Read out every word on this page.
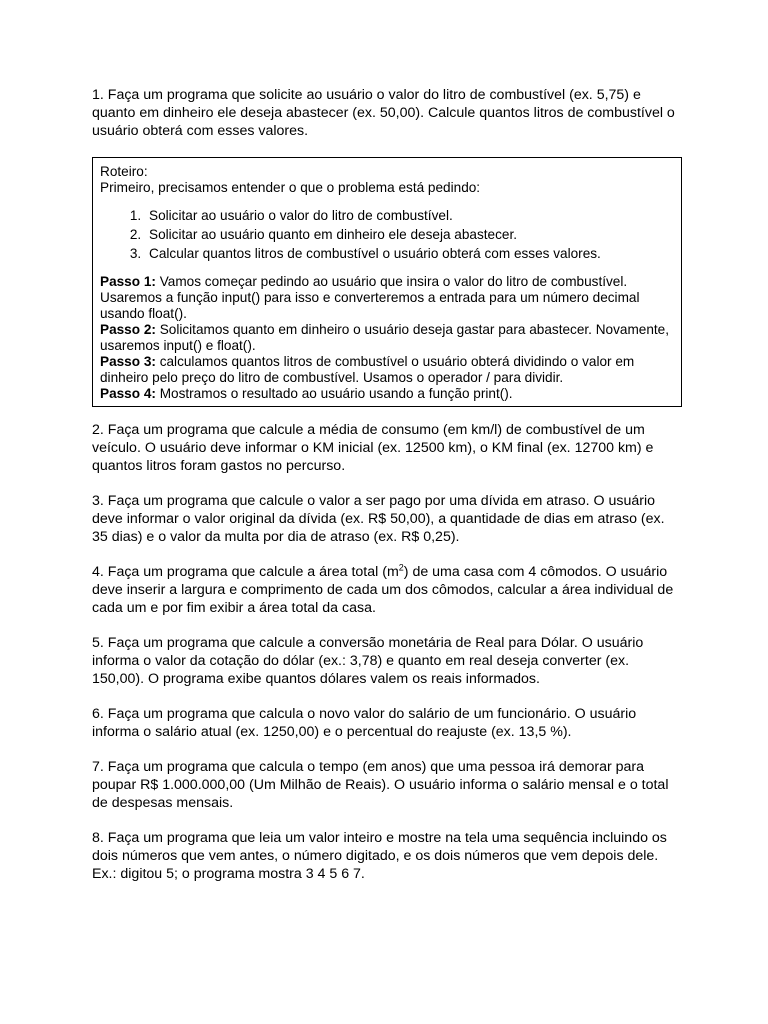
1. Faça um programa que solicite ao usuário o valor do litro de combustível (ex. 5,75) e quanto em dinheiro ele deseja abastecer (ex. 50,00). Calcule quantos litros de combustível o usuário obterá com esses valores.

Roteiro:

Primeiro, precisamos entender o que o problema está pedindo:

1. Solicitar ao usuário o valor do litro de combustível.
2. Solicitar ao usuário quanto em dinheiro ele deseja abastecer.
3. Calcular quantos litros de combustível o usuário obterá com esses valores.

Passo 1: Vamos começar pedindo ao usuário que insira o valor do litro de combustível. Usaremos a função input() para isso e converteremos a entrada para um número decimal usando float().

Passo 2: Solicitamos quanto em dinheiro o usuário deseja gastar para abastecer. Novamente, usaremos input() e float().

Passo 3: calculamos quantos litros de combustível o usuário obterá dividindo o valor em dinheiro pelo preço do litro de combustível. Usamos o operador / para dividir.

Passo 4: Mostramos o resultado ao usuário usando a função print().

2. Faça um programa que calcule a média de consumo (em km/l) de combustível de um veículo. O usuário deve informar o KM inicial (ex. 12500 km), o KM final (ex. 12700 km) e quantos litros foram gastos no percurso.

3. Faça um programa que calcule o valor a ser pago por uma dívida em atraso. O usuário deve informar o valor original da dívida (ex. R$ 50,00), a quantidade de dias em atraso (ex. 35 dias) e o valor da multa por dia de atraso (ex. R$ 0,25).

4. Faça um programa que calcule a área total $(m^2)$ de uma casa com 4 cômodos. O usuário deve inserir a largura e comprimento de cada um dos cômodos, calcular a área individual de cada um e por fim exibir a área total da casa.

5. Faça um programa que calcule a conversão monetária de Real para Dólar. O usuário informa o valor da cotação do dólar (ex.: 3,78) e quanto em real deseja converter (ex. 150,00). O programa exibe quantos dólares valem os reais informados.

6. Faça um programa que calcula o novo valor do salário de um funcionário. O usuário informa o salário atual (ex. 1250,00) e o percentual do reajuste (ex. 13,5 %).

7. Faça um programa que calcula o tempo (em anos) que uma pessoa irá demorar para poupar R$ 1.000.000,00 (Um Milhão de Reais). O usuário informa o salário mensal e o total de despesas mensais.

8. Faça um programa que leia um valor inteiro e mostre na tela uma sequência incluindo os dois números que vem antes, o número digitado, e os dois números que vem depois dele. Ex.: digitou 5; o programa mostra 3 4 5 6 7.
